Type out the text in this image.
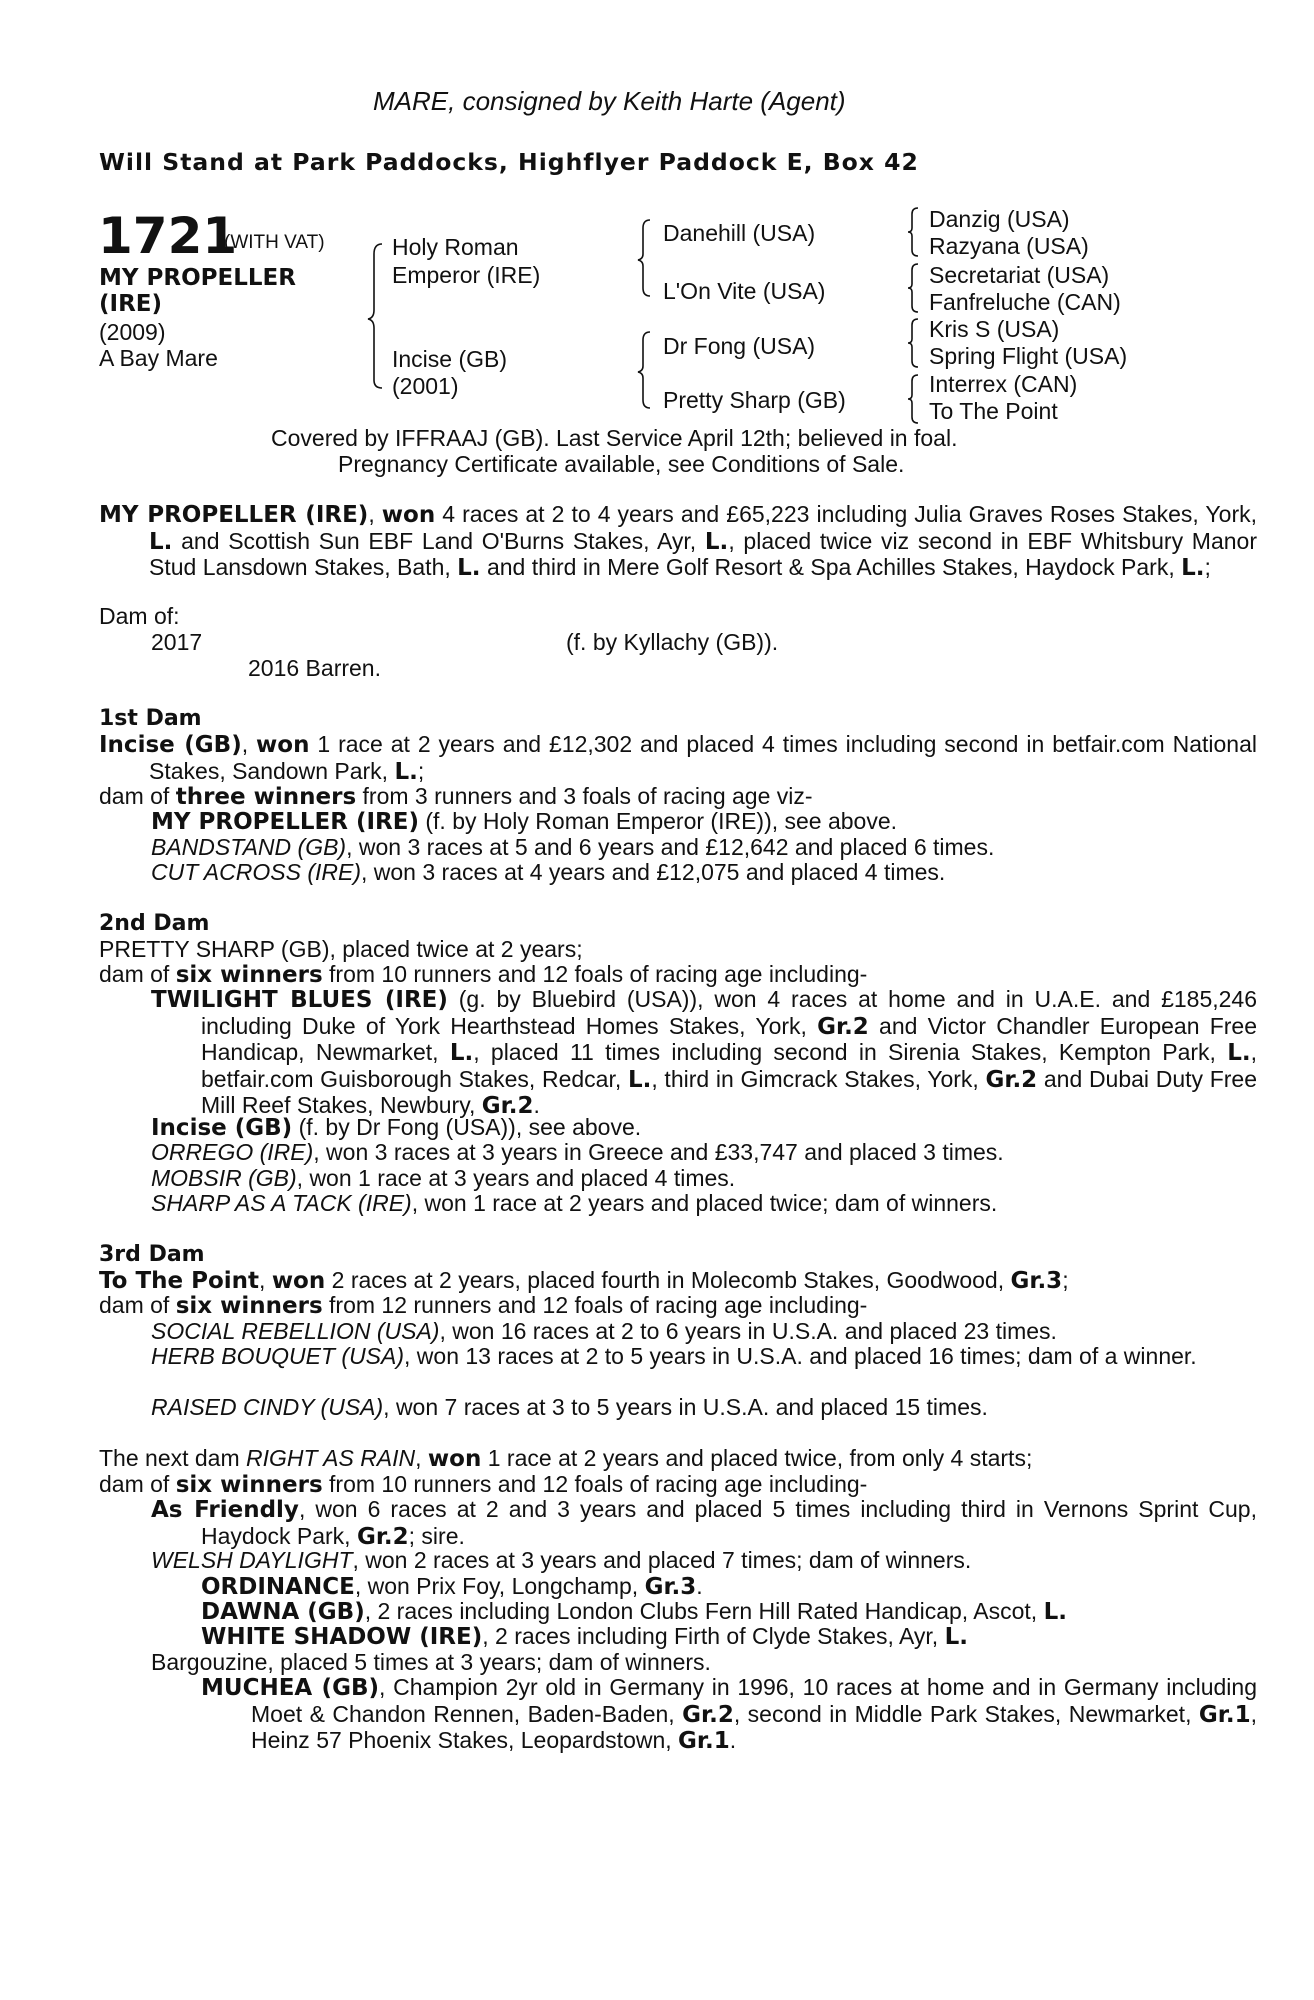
MARE, consigned by Keith Harte (Agent)
Will Stand at Park Paddocks, Highflyer Paddock E, Box 42
1721
(WITH VAT)
MY PROPELLER
(IRE)
(2009)
A Bay Mare
Holy Roman
Emperor (IRE)
Incise (GB)
(2001)
Danehill (USA)
L'On Vite (USA)
Dr Fong (USA)
Pretty Sharp (GB)
Danzig (USA)
Razyana (USA)
Secretariat (USA)
Fanfreluche (CAN)
Kris S (USA)
Spring Flight (USA)
Interrex (CAN)
To The Point
Covered by IFFRAAJ (GB). Last Service April 12th; believed in foal.
Pregnancy Certificate available, see Conditions of Sale.
MY PROPELLER (IRE), won 4 races at 2 to 4 years and £65,223 including Julia Graves Roses Stakes, York, L. and Scottish Sun EBF Land O'Burns Stakes, Ayr, L., placed twice viz second in EBF Whitsbury Manor Stud Lansdown Stakes, Bath, L. and third in Mere Golf Resort & Spa Achilles Stakes, Haydock Park, L.;
Dam of:
2017	(f. by Kyllachy (GB)).
2016 Barren.
1st Dam
Incise (GB), won 1 race at 2 years and £12,302 and placed 4 times including second in betfair.com National Stakes, Sandown Park, L.;
dam of three winners from 3 runners and 3 foals of racing age viz-
MY PROPELLER (IRE) (f. by Holy Roman Emperor (IRE)), see above.
BANDSTAND (GB), won 3 races at 5 and 6 years and £12,642 and placed 6 times.
CUT ACROSS (IRE), won 3 races at 4 years and £12,075 and placed 4 times.
2nd Dam
PRETTY SHARP (GB), placed twice at 2 years;
dam of six winners from 10 runners and 12 foals of racing age including-
TWILIGHT BLUES (IRE) (g. by Bluebird (USA)), won 4 races at home and in U.A.E. and £185,246 including Duke of York Hearthstead Homes Stakes, York, Gr.2 and Victor Chandler European Free Handicap, Newmarket, L., placed 11 times including second in Sirenia Stakes, Kempton Park, L., betfair.com Guisborough Stakes, Redcar, L., third in Gimcrack Stakes, York, Gr.2 and Dubai Duty Free Mill Reef Stakes, Newbury, Gr.2.
Incise (GB) (f. by Dr Fong (USA)), see above.
ORREGO (IRE), won 3 races at 3 years in Greece and £33,747 and placed 3 times.
MOBSIR (GB), won 1 race at 3 years and placed 4 times.
SHARP AS A TACK (IRE), won 1 race at 2 years and placed twice; dam of winners.
3rd Dam
To The Point, won 2 races at 2 years, placed fourth in Molecomb Stakes, Goodwood, Gr.3;
dam of six winners from 12 runners and 12 foals of racing age including-
SOCIAL REBELLION (USA), won 16 races at 2 to 6 years in U.S.A. and placed 23 times.
HERB BOUQUET (USA), won 13 races at 2 to 5 years in U.S.A. and placed 16 times; dam of a winner.
RAISED CINDY (USA), won 7 races at 3 to 5 years in U.S.A. and placed 15 times.
The next dam RIGHT AS RAIN, won 1 race at 2 years and placed twice, from only 4 starts;
dam of six winners from 10 runners and 12 foals of racing age including-
As Friendly, won 6 races at 2 and 3 years and placed 5 times including third in Vernons Sprint Cup, Haydock Park, Gr.2; sire.
WELSH DAYLIGHT, won 2 races at 3 years and placed 7 times; dam of winners.
ORDINANCE, won Prix Foy, Longchamp, Gr.3.
DAWNA (GB), 2 races including London Clubs Fern Hill Rated Handicap, Ascot, L.
WHITE SHADOW (IRE), 2 races including Firth of Clyde Stakes, Ayr, L.
Bargouzine, placed 5 times at 3 years; dam of winners.
MUCHEA (GB), Champion 2yr old in Germany in 1996, 10 races at home and in Germany including Moet & Chandon Rennen, Baden-Baden, Gr.2, second in Middle Park Stakes, Newmarket, Gr.1, Heinz 57 Phoenix Stakes, Leopardstown, Gr.1.
